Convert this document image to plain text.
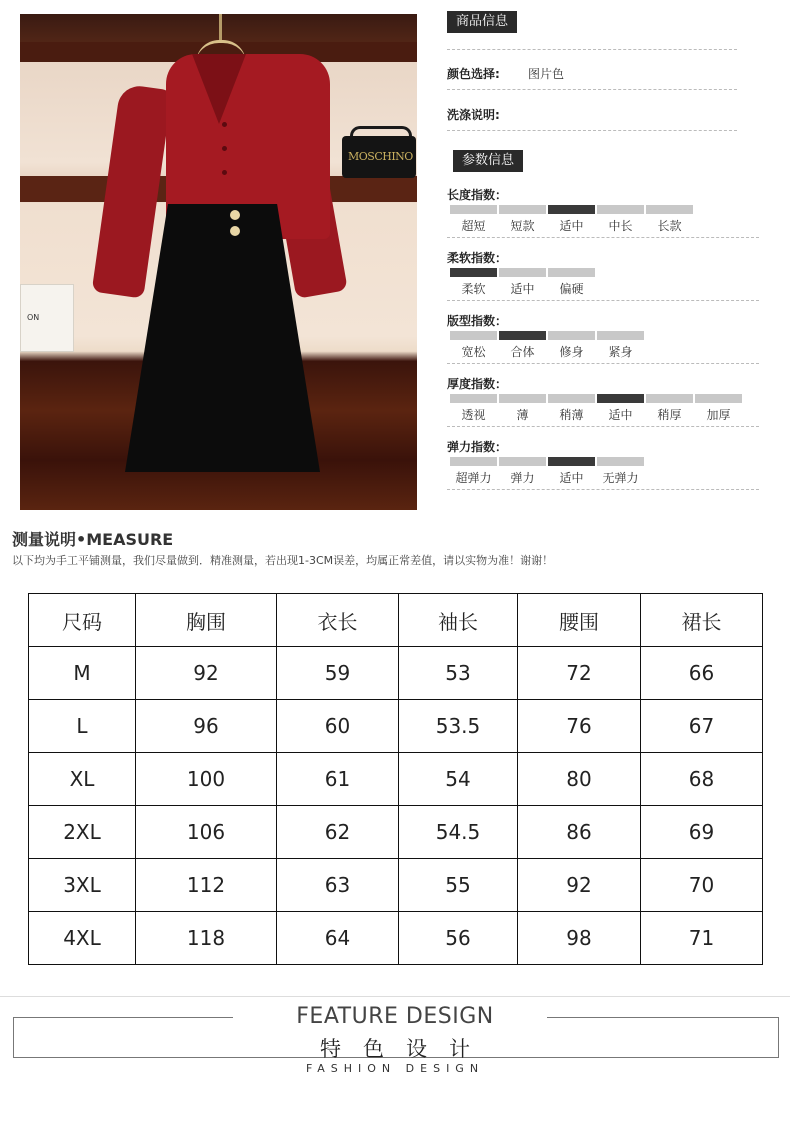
MOSCHINO
ON
商品信息
颜色选择: 图片色
洗涤说明:
参数信息
长度指数：
超短	短款	适中	中长	长款
柔软指数：
柔软	适中	偏硬
版型指数：
宽松	合体	修身	紧身
厚度指数：
透视	薄	稍薄	适中	稍厚	加厚
弹力指数：
超弹力	弹力	适中	无弹力
测量说明•MEASURE
以下均为手工平铺测量，我们尽量做到．精准测量，若出现1-3CM误差，均属正常差值，请以实物为准！谢谢！
尺码	胸围	衣长	袖长	腰围	裙长
M	92	59	53	72	66
L	96	60	53.5	76	67
XL	100	61	54	80	68
2XL	106	62	54.5	86	69
3XL	112	63	55	92	70
4XL	118	64	56	98	71
FEATURE DESIGN
特色设计
FASHION DESIGN
